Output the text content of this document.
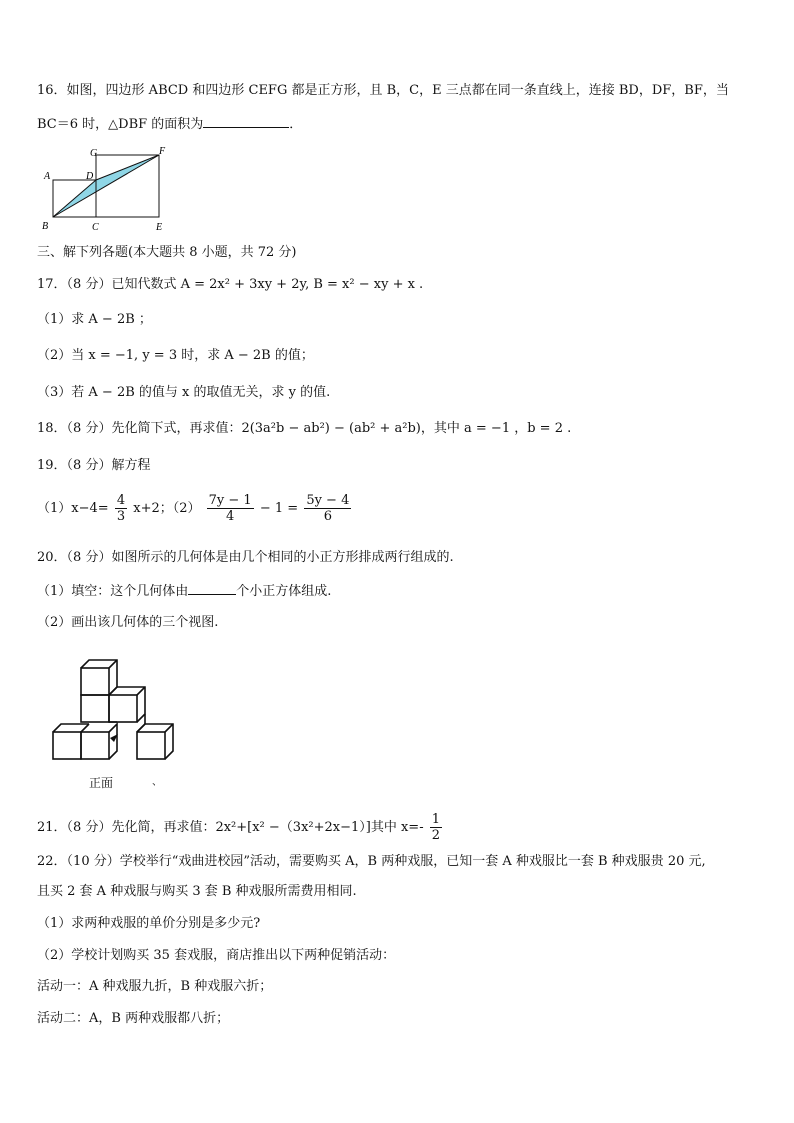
16．如图，四边形 ABCD 和四边形 CEFG 都是正方形，且 B，C，E 三点都在同一条直线上，连接 BD，DF，BF，当
BC＝6 时，△DBF 的面积为	．
G	F
A	D
B	C	E
三、解下列各题(本大题共 8 小题，共 72 分)
17．（8 分）已知代数式 A = 2x² + 3xy + 2y, B = x² − xy + x .
（1）求 A − 2B ；
（2）当 x = −1, y = 3 时，求 A − 2B 的值；
（3）若 A − 2B 的值与 x 的取值无关，求 y 的值.
18．（8 分）先化简下式，再求值：2(3a²b − ab²) − (ab² + a²b)，其中 a = −1 ，b = 2 .
19．（8 分）解方程
$(1)x-4= \frac{4}{3} x+2$；$(2) \frac{7y - 1}{4} - 1 = \frac{5y - 4}{6}$
20．（8 分）如图所示的几何体是由几个相同的小正方形排成两行组成的.
（1）填空：这个几何体由	个小正方体组成.
（2）画出该几何体的三个视图.
正面	、
21．（8 分）先化简，再求值：2x²+[x² −（3x²+2x−1）]其中 $x=- \frac{1}{2}$
22．（10 分）学校举行“戏曲进校园”活动，需要购买 A，B 两种戏服，已知一套 A 种戏服比一套 B 种戏服贵 20 元,
且买 2 套 A 种戏服与购买 3 套 B 种戏服所需费用相同.
（1）求两种戏服的单价分别是多少元?
（2）学校计划购买 35 套戏服，商店推出以下两种促销活动：
活动一：A 种戏服九折，B 种戏服六折；
活动二：A，B 两种戏服都八折；
